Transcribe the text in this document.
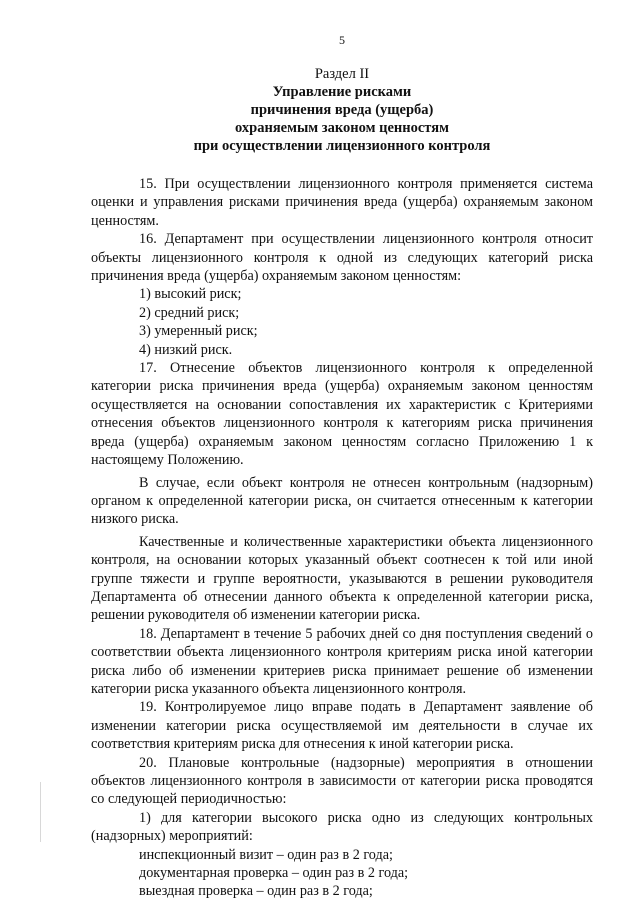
5
Раздел II
Управление рисками
причинения вреда (ущерба)
охраняемым законом ценностям
при осуществлении лицензионного контроля

15. При осуществлении лицензионного контроля применяется система оценки и управления рисками причинения вреда (ущерба) охраняемым законом ценностям.

16. Департамент при осуществлении лицензионного контроля относит объекты лицензионного контроля к одной из следующих категорий риска причинения вреда (ущерба) охраняемым законом ценностям:

1) высокий риск;
2) средний риск;
3) умеренный риск;
4) низкий риск.

17. Отнесение объектов лицензионного контроля к определенной категории риска причинения вреда (ущерба) охраняемым законом ценностям осуществляется на основании сопоставления их характеристик с Критериями отнесения объектов лицензионного контроля к категориям риска причинения вреда (ущерба) охраняемым законом ценностям согласно Приложению 1 к настоящему Положению.

В случае, если объект контроля не отнесен контрольным (надзорным) органом к определенной категории риска, он считается отнесенным к категории низкого риска.

Качественные и количественные характеристики объекта лицензионного контроля, на основании которых указанный объект соотнесен к той или иной группе тяжести и группе вероятности, указываются в решении руководителя Департамента об отнесении данного объекта к определенной категории риска, решении руководителя об изменении категории риска.

18. Департамент в течение 5 рабочих дней со дня поступления сведений о соответствии объекта лицензионного контроля критериям риска иной категории риска либо об изменении критериев риска принимает решение об изменении категории риска указанного объекта лицензионного контроля.

19. Контролируемое лицо вправе подать в Департамент заявление об изменении категории риска осуществляемой им деятельности в случае их соответствия критериям риска для отнесения к иной категории риска.

20. Плановые контрольные (надзорные) мероприятия в отношении объектов лицензионного контроля в зависимости от категории риска проводятся со следующей периодичностью:

1) для категории высокого риска одно из следующих контрольных (надзорных) мероприятий:

инспекционный визит – один раз в 2 года;
документарная проверка – один раз в 2 года;
выездная проверка – один раз в 2 года;
